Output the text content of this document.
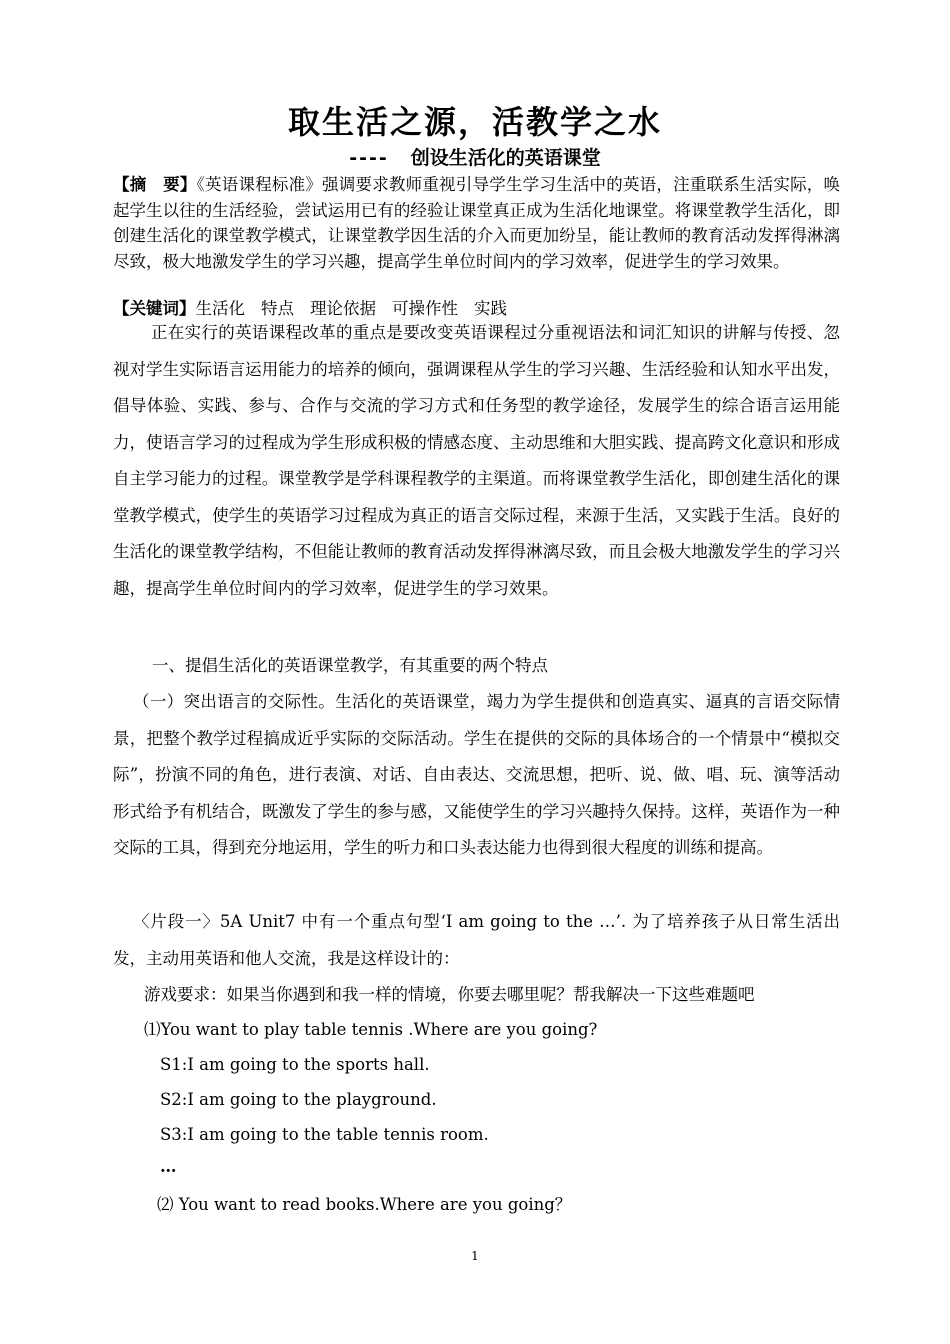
取生活之源，活教学之水
---- 创设生活化的英语课堂

【摘　要】《英语课程标准》强调要求教师重视引导学生学习生活中的英语，注重联系生活实际，唤起学生以往的生活经验，尝试运用已有的经验让课堂真正成为生活化地课堂。将课堂教学生活化，即创建生活化的课堂教学模式，让课堂教学因生活的介入而更加纷呈，能让教师的教育活动发挥得淋漓尽致，极大地激发学生的学习兴趣，提高学生单位时间内的学习效率，促进学生的学习效果。

【关键词】生活化 特点 理论依据 可操作性 实践

正在实行的英语课程改革的重点是要改变英语课程过分重视语法和词汇知识的讲解与传授、忽视对学生实际语言运用能力的培养的倾向，强调课程从学生的学习兴趣、生活经验和认知水平出发，倡导体验、实践、参与、合作与交流的学习方式和任务型的教学途径，发展学生的综合语言运用能力，使语言学习的过程成为学生形成积极的情感态度、主动思维和大胆实践、提高跨文化意识和形成自主学习能力的过程。课堂教学是学科课程教学的主渠道。而将课堂教学生活化，即创建生活化的课堂教学模式，使学生的英语学习过程成为真正的语言交际过程，来源于生活，又实践于生活。良好的生活化的课堂教学结构，不但能让教师的教育活动发挥得淋漓尽致，而且会极大地激发学生的学习兴趣，提高学生单位时间内的学习效率，促进学生的学习效果。

一、提倡生活化的英语课堂教学，有其重要的两个特点

（一）突出语言的交际性。生活化的英语课堂，竭力为学生提供和创造真实、逼真的言语交际情景，把整个教学过程搞成近乎实际的交际活动。学生在提供的交际的具体场合的一个情景中“模拟交际”，扮演不同的角色，进行表演、对话、自由表达、交流思想，把听、说、做、唱、玩、演等活动形式给予有机结合，既激发了学生的参与感，又能使学生的学习兴趣持久保持。这样，英语作为一种交际的工具，得到充分地运用，学生的听力和口头表达能力也得到很大程度的训练和提高。

〈片段一〉5A Unit7 中有一个重点句型‘I am going to the …’. 为了培养孩子从日常生活出发，主动用英语和他人交流，我是这样设计的：

游戏要求：如果当你遇到和我一样的情境，你要去哪里呢？帮我解决一下这些难题吧
⑴You want to play table tennis .Where are you going?
S1:I am going to the sports hall.
S2:I am going to the playground.
S3:I am going to the table tennis room.
…
⑵ You want to read books.Where are you going？
1
